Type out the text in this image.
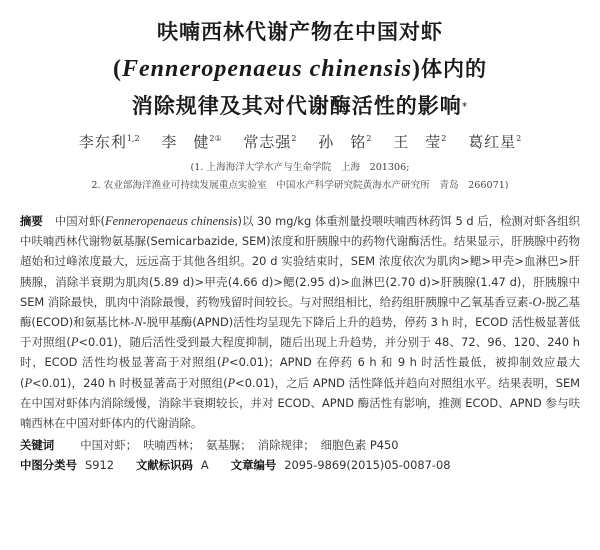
呋喃西林代谢产物在中国对虾
(Fenneropenaeus chinensis)体内的
消除规律及其对代谢酶活性的影响*
李东利$^{1,2}$ 李　健$^{2①}$ 常志强$^2$ 孙　铭$^2$ 王　莹$^2$ 葛红星$^2$
(1. 上海海洋大学水产与生命学院　上海　201306;
2. 农业部海洋渔业可持续发展重点实验室　中国水产科学研究院黄海水产研究所　青岛　266071)
摘要 中国对虾(Fenneropenaeus chinensis)以 30 mg/kg 体重剂量投喂呋喃西林药饵 5 d 后，检测对虾各组织中呋喃西林代谢物氨基脲(Semicarbazide, SEM)浓度和肝胰腺中的药物代谢酶活性。结果显示，肝胰腺中药物超始和过峰浓度最大，远远高于其他各组织。20 d 实验结束时，SEM 浓度依次为肌肉>鳃>甲壳>血淋巴>肝胰腺，消除半衰期为肌肉(5.89 d)>甲壳(4.66 d)>鳃(2.95 d)>血淋巴(2.70 d)>肝胰腺(1.47 d)，肝胰腺中 SEM 消除最快，肌肉中消除最慢，药物残留时间较长。与对照组相比，给药组肝胰腺中乙氧基香豆素-O-脱乙基酶(ECOD)和氨基比林-N-脱甲基酶(APND)活性均呈现先下降后上升的趋势，停药 3 h 时，ECOD 活性极显著低于对照组(P<0.01)，随后活性受到最大程度抑制，随后出现上升趋势，并分别于 48、72、96、120、240 h 时，ECOD 活性均极显著高于对照组(P<0.01)；APND 在停药 6 h 和 9 h 时活性最低，被抑制效应最大(P<0.01)，240 h 时极显著高于对照组(P<0.01)，之后 APND 活性降低并趋向对照组水平。结果表明，SEM 在中国对虾体内消除缓慢，消除半衰期较长，并对 ECOD、APND 酶活性有影响，推测 ECOD、APND 参与呋喃西林在中国对虾体内的代谢消除。
关键词 中国对虾； 呋喃西林； 氨基脲； 消除规律； 细胞色素 P450
中图分类号 S912 文献标识码 A 文章编号 2095-9869(2015)05-0087-08
